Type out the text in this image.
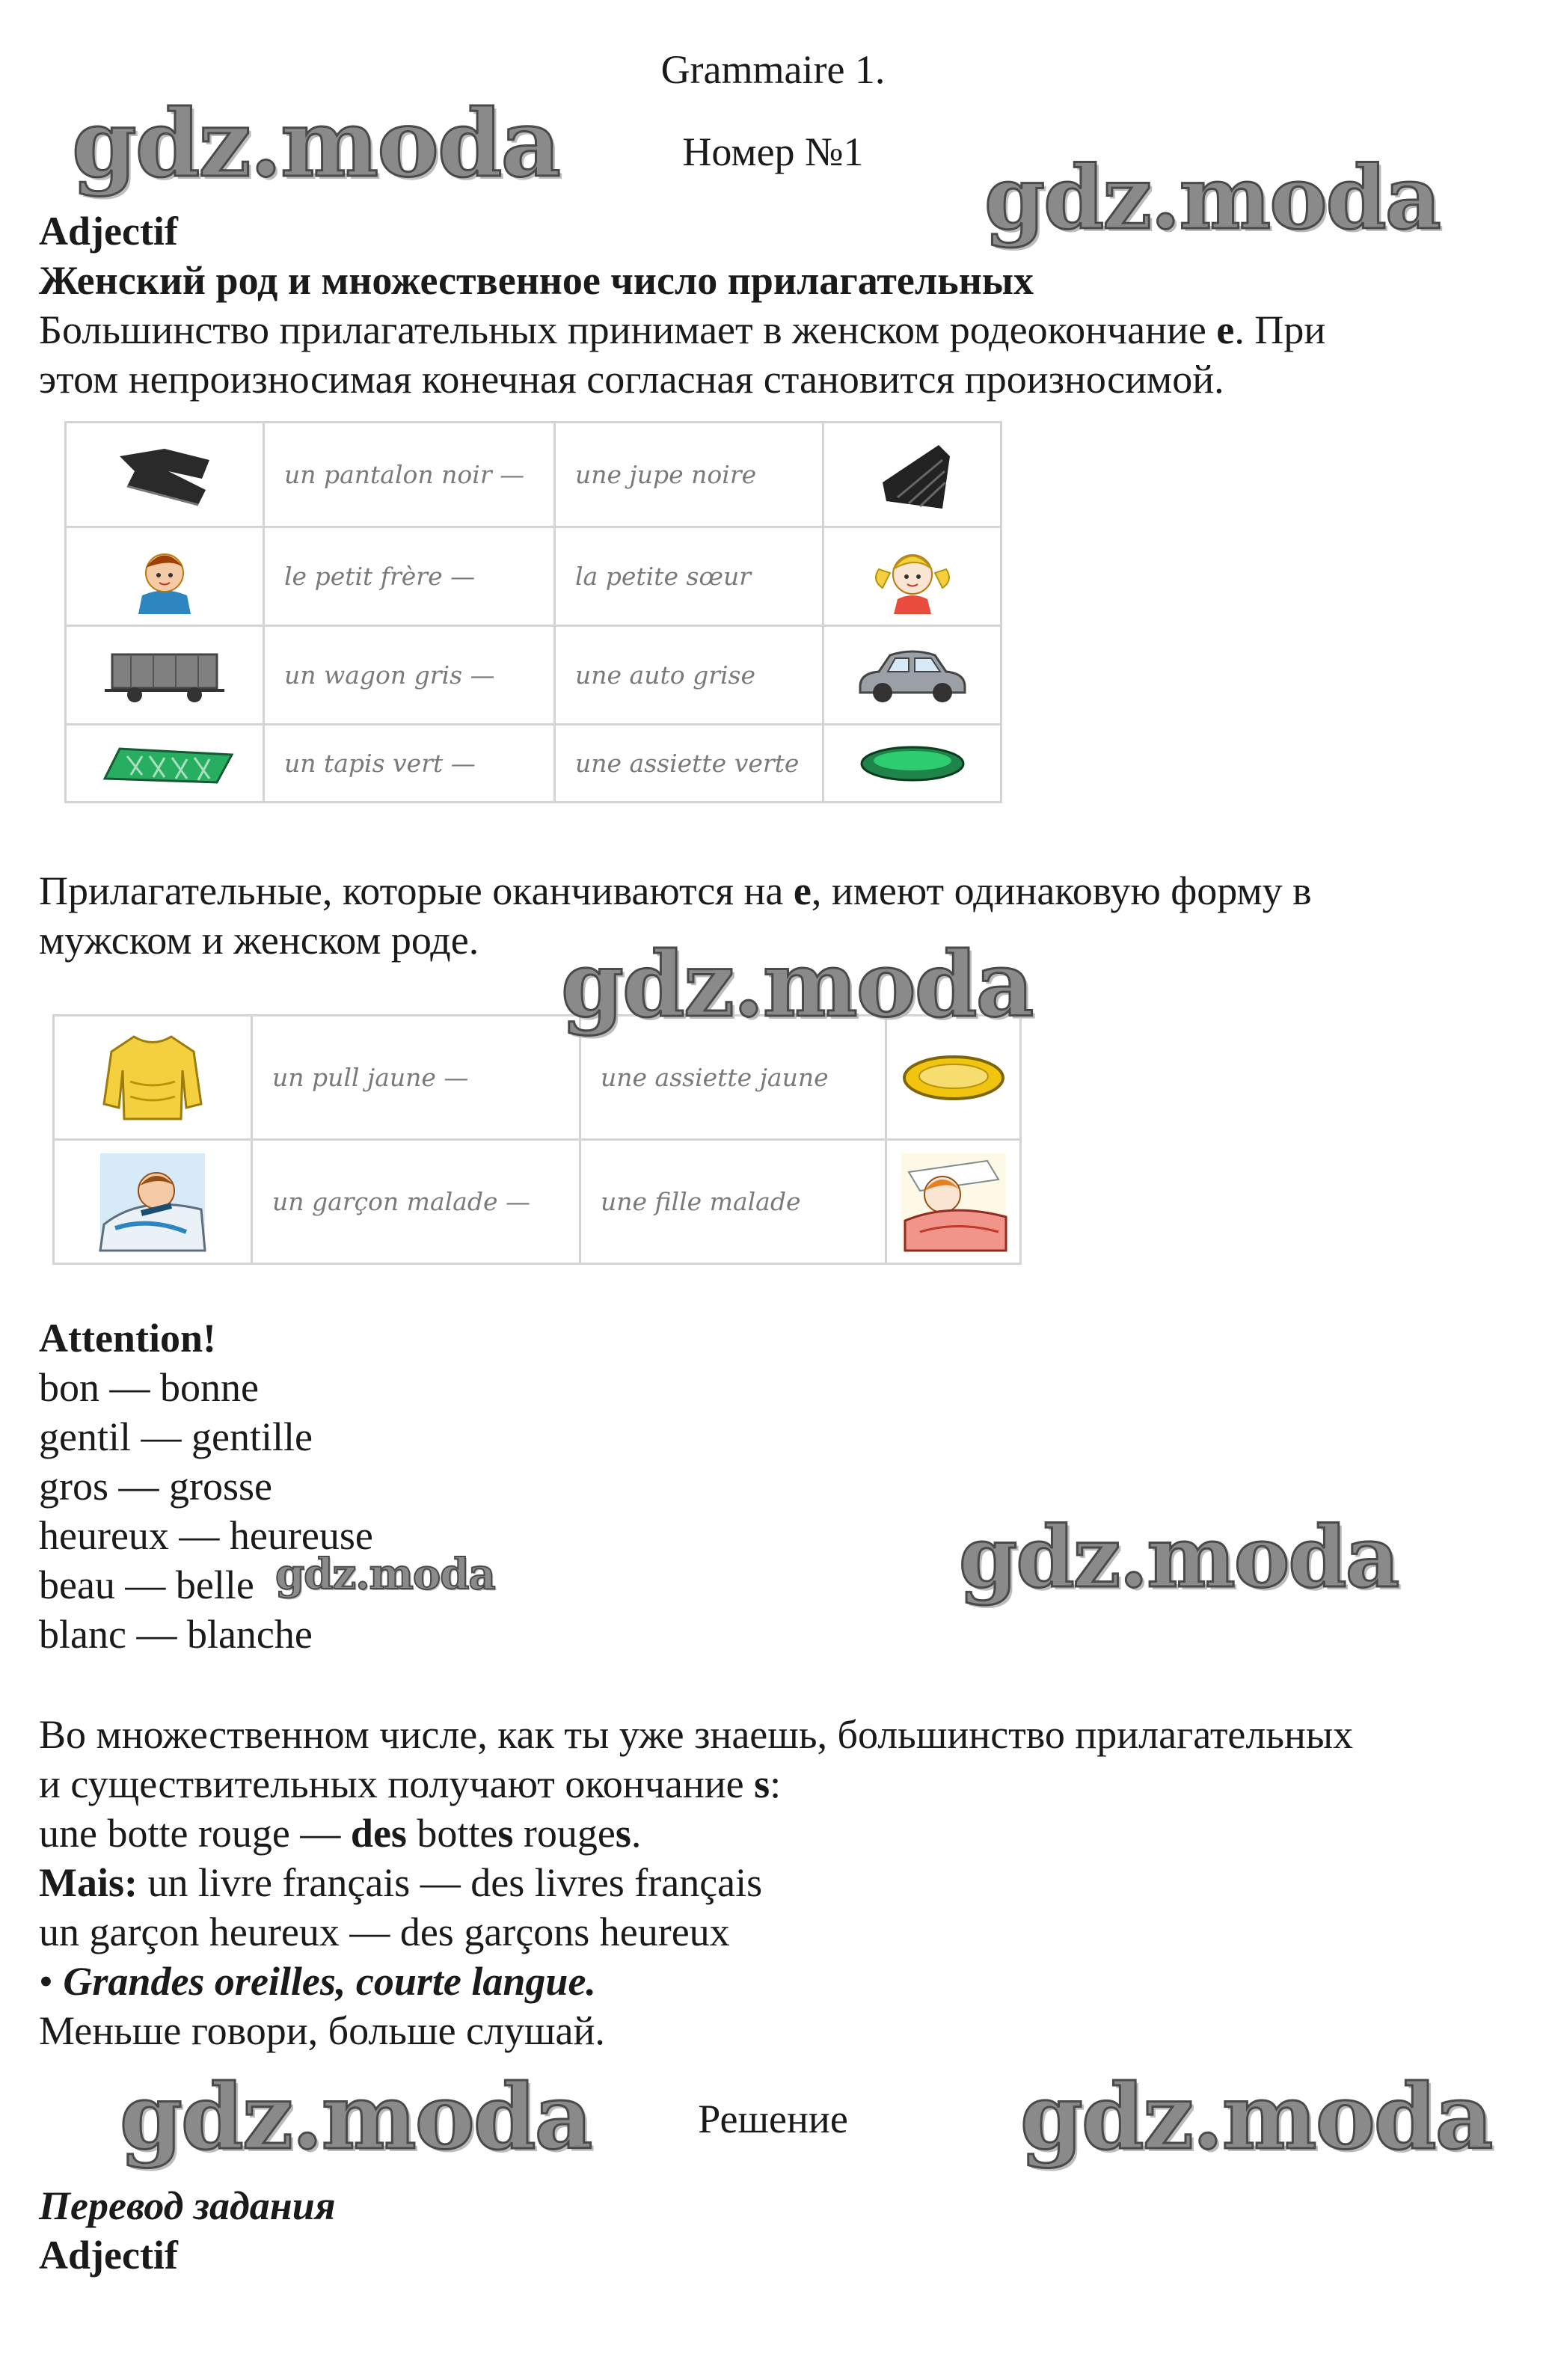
Grammaire 1.
Номер №1
Adjectif
Женский род и множественное число прилагательных
Большинство прилагательных принимает в женском родеокончание e. При
этом непроизносимая конечная согласная становится произносимой.
	un pantalon noir —	une jupe noire	

	le petit frère —	la petite sœur	

	un wagon gris —	une auto grise	

	un tapis vert —	une assiette verte	
Прилагательные, которые оканчиваются на e, имеют одинаковую форму в
мужском и женском роде.
	un pull jaune —	une assiette jaune	

	un garçon malade —	une fille malade	
Attention!
bon — bonne
gentil — gentille
gros — grosse
heureux — heureuse
beau — belle
blanc — blanche
Во множественном числе, как ты уже знаешь, большинство прилагательных
и существительных получают окончание s:
une botte rouge — des bottes rouges.
Mais: un livre français — des livres français
un garçon heureux — des garçons heureux
• Grandes oreilles, courte langue.
Меньше говори, больше слушай.
Решение
Перевод задания
Adjectif
gdz.moda	gdz.moda
gdz.moda
gdz.moda	gdz.moda
gdz.moda	gdz.moda
